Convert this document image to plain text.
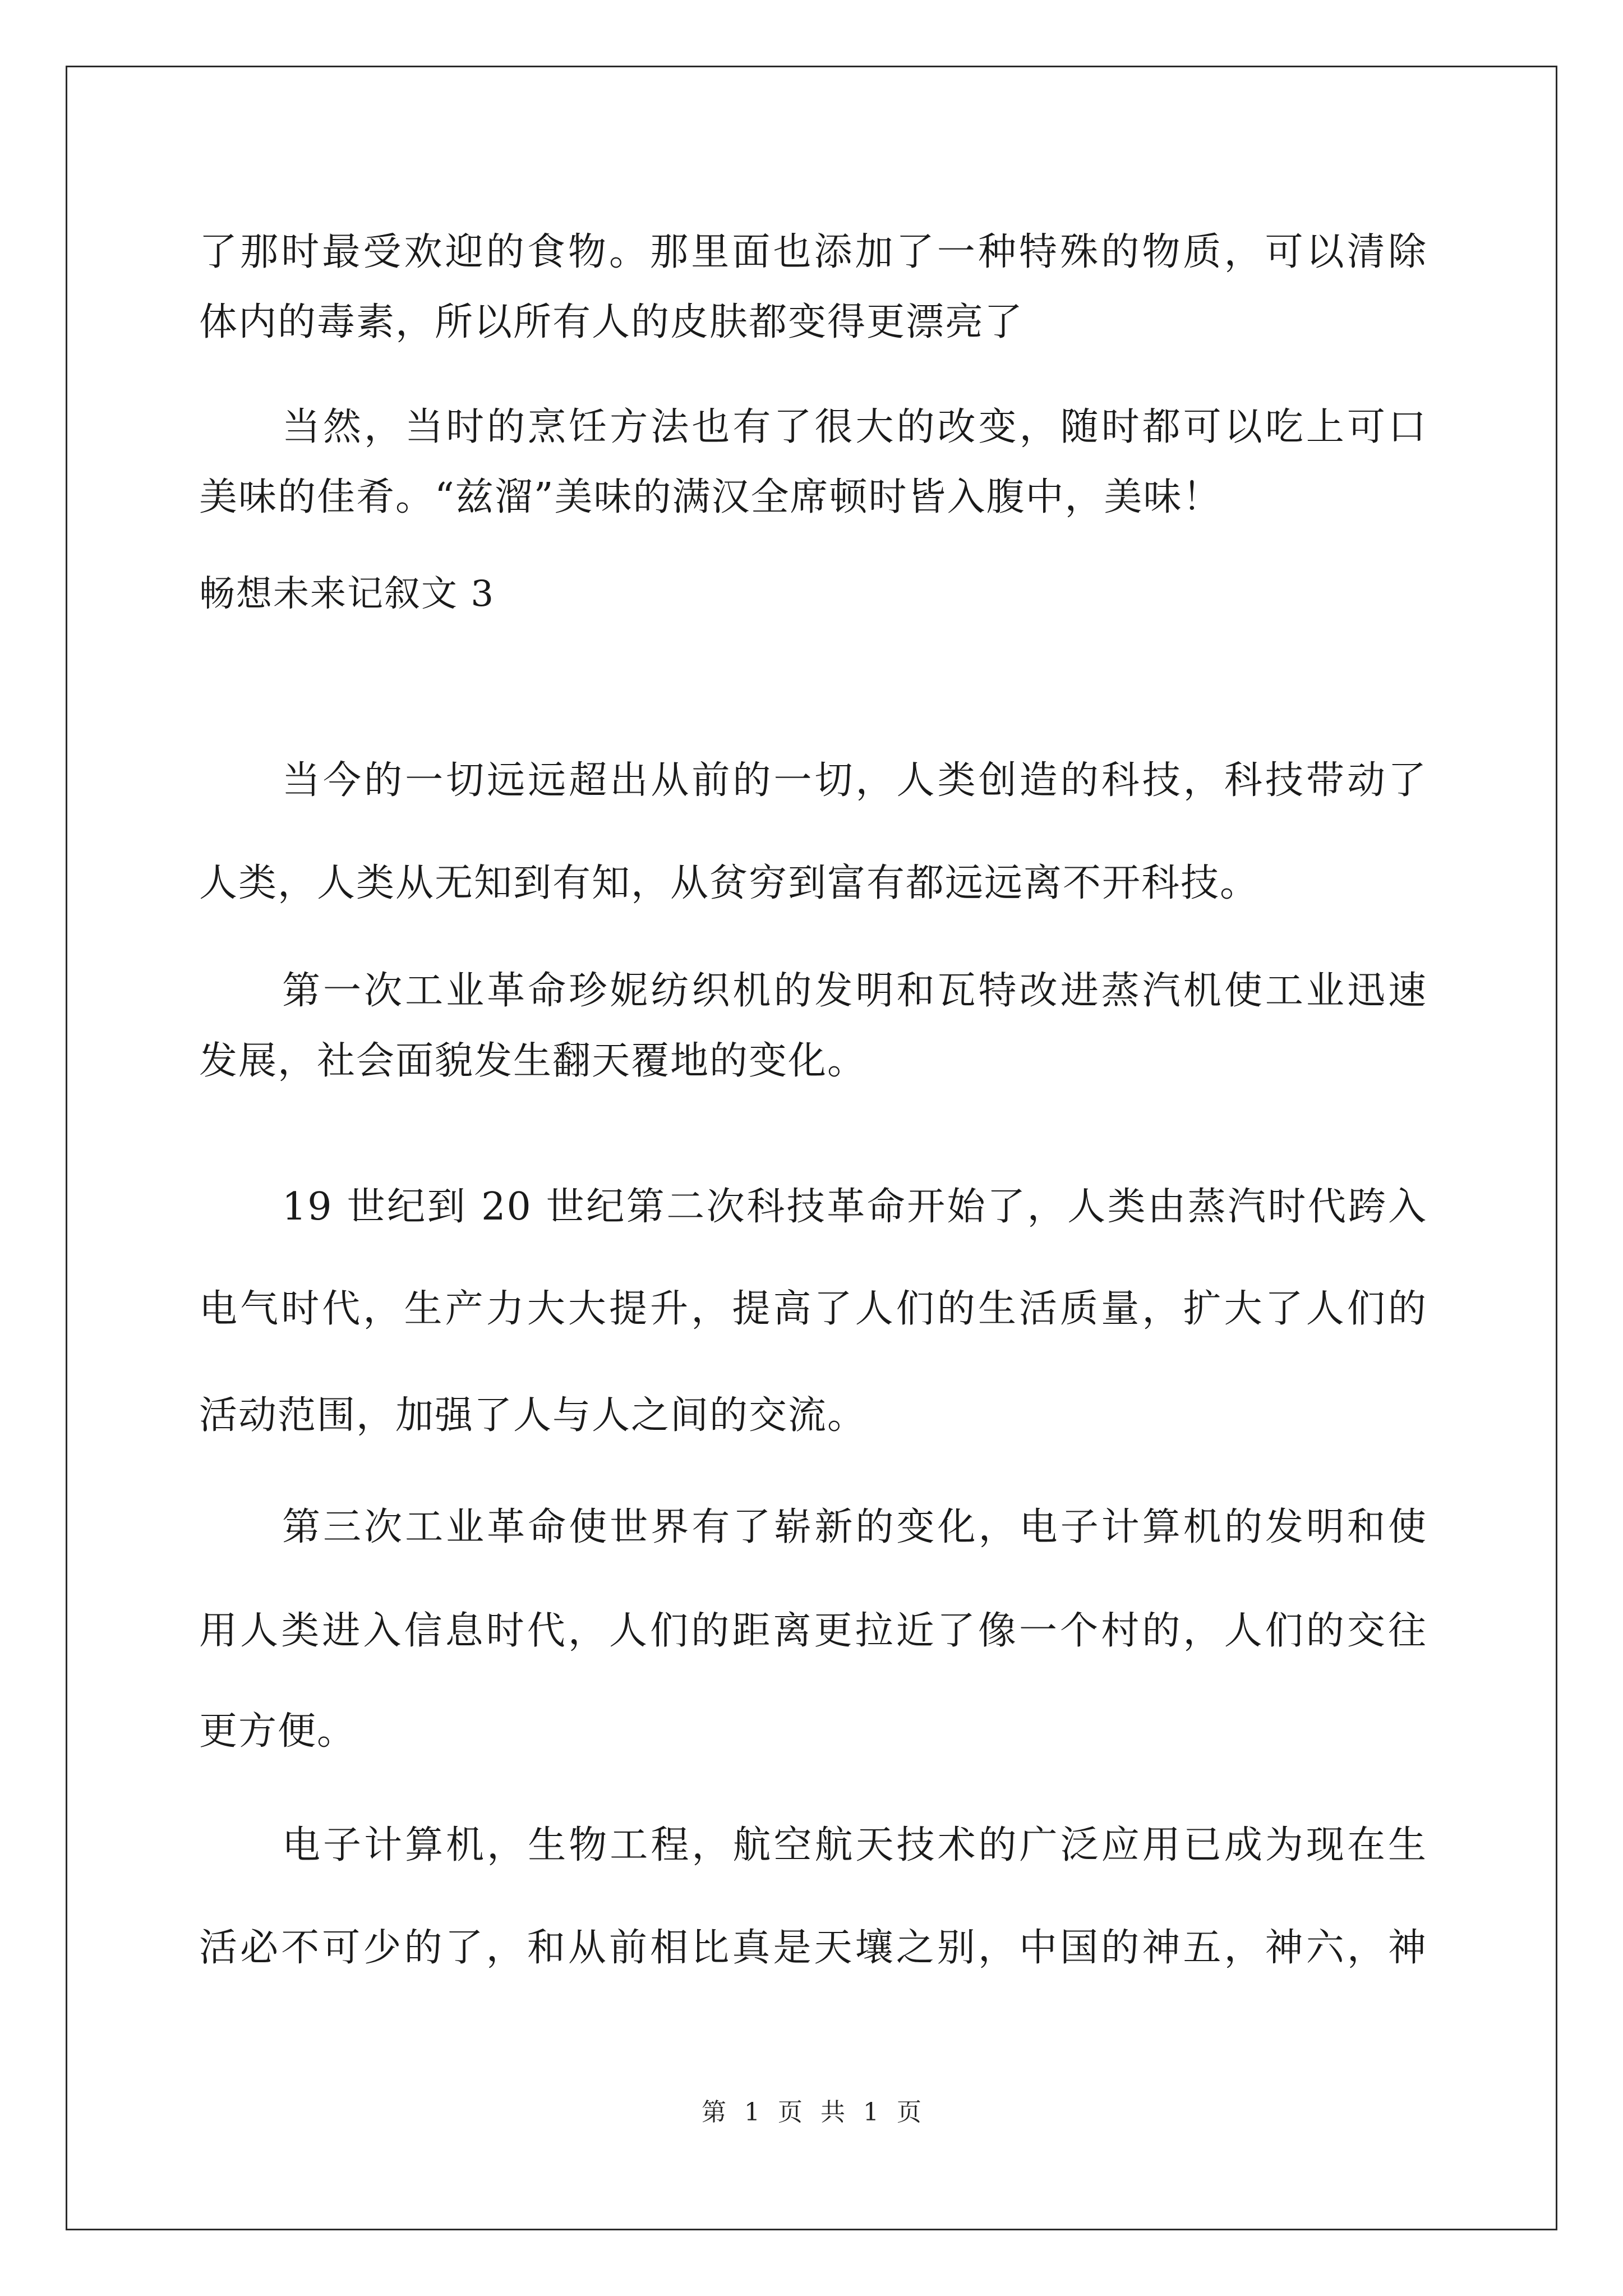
了那时最受欢迎的食物。那里面也添加了一种特殊的物质，可以清除
体内的毒素，所以所有人的皮肤都变得更漂亮了
当然，当时的烹饪方法也有了很大的改变，随时都可以吃上可口
美味的佳肴。“兹溜”美味的满汉全席顿时皆入腹中，美味！
畅想未来记叙文 3
当今的一切远远超出从前的一切，人类创造的科技，科技带动了
人类，人类从无知到有知，从贫穷到富有都远远离不开科技。
第一次工业革命珍妮纺织机的发明和瓦特改进蒸汽机使工业迅速
发展，社会面貌发生翻天覆地的变化。
19 世纪到 20 世纪第二次科技革命开始了，人类由蒸汽时代跨入
电气时代，生产力大大提升，提高了人们的生活质量，扩大了人们的
活动范围，加强了人与人之间的交流。
第三次工业革命使世界有了崭新的变化，电子计算机的发明和使
用人类进入信息时代，人们的距离更拉近了像一个村的，人们的交往
更方便。
电子计算机，生物工程，航空航天技术的广泛应用已成为现在生
活必不可少的了，和从前相比真是天壤之别，中国的神五，神六，神
第 1 页 共 1 页
